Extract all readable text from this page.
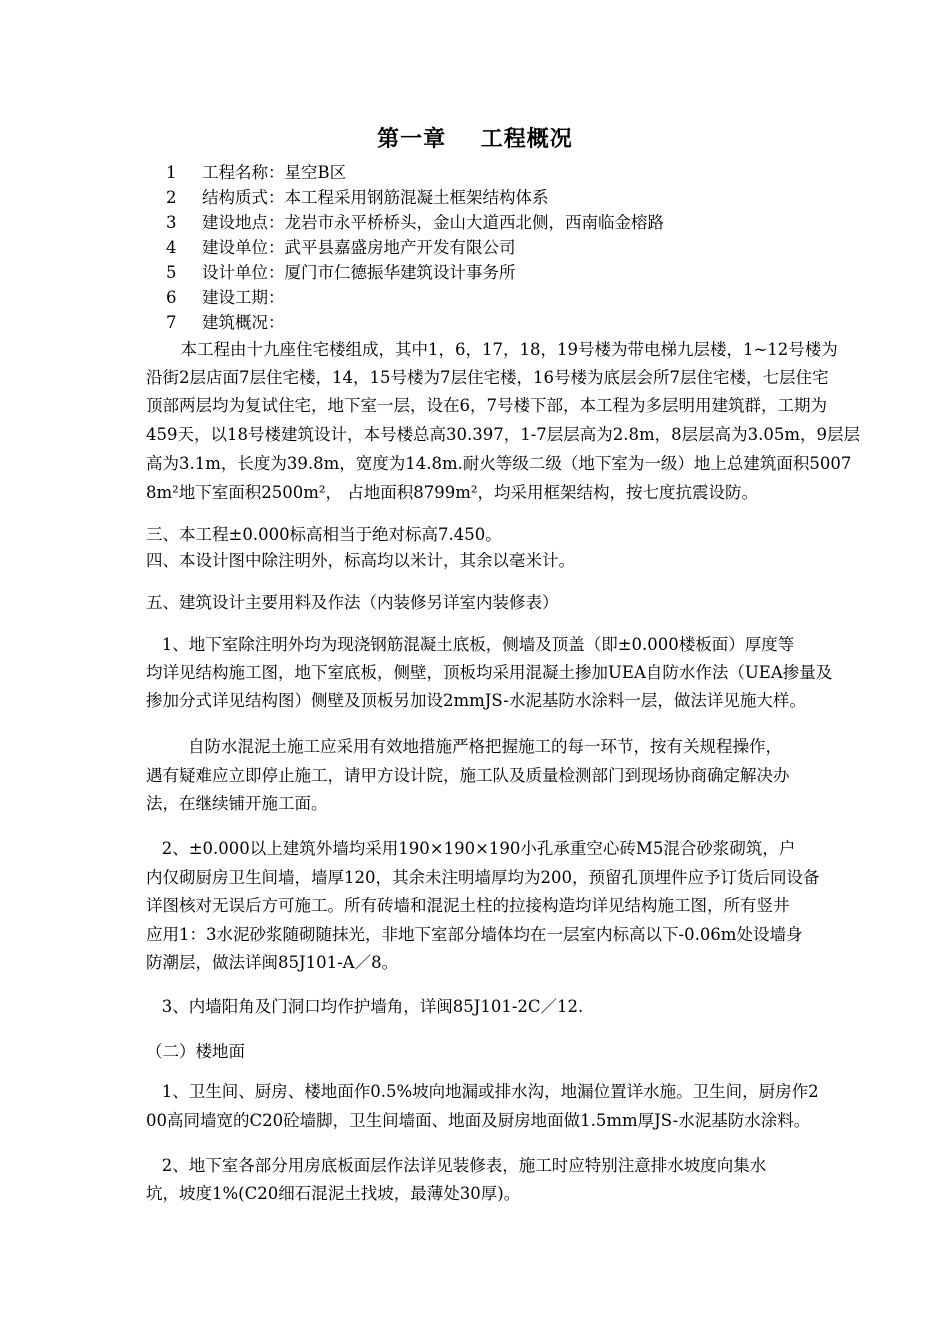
第一章    工程概况
1 工程名称：星空B区
2 结构质式：本工程采用钢筋混凝土框架结构体系
3 建设地点：龙岩市永平桥桥头，金山大道西北侧，西南临金榕路
4 建设单位：武平县嘉盛房地产开发有限公司
5 设计单位：厦门市仁德振华建筑设计事务所
6 建设工期：
7 建筑概况：
本工程由十九座住宅楼组成，其中1，6，17，18，19号楼为带电梯九层楼，1~12号楼为
沿街2层店面7层住宅楼，14，15号楼为7层住宅楼，16号楼为底层会所7层住宅楼，七层住宅
顶部两层均为复试住宅，地下室一层，设在6，7号楼下部，本工程为多层明用建筑群，工期为
459天，以18号楼建筑设计，本号楼总高30.397，1-7层层高为2.8m，8层层高为3.05m，9层层
高为3.1m，长度为39.8m，宽度为14.8m.耐火等级二级（地下室为一级）地上总建筑面积5007
8m²地下室面积2500m²， 占地面积8799m²，均采用框架结构，按七度抗震设防。
三、本工程±0.000标高相当于绝对标高7.450。
四、本设计图中除注明外，标高均以米计，其余以毫米计。
五、建筑设计主要用料及作法（内装修另详室内装修表）
1、地下室除注明外均为现浇钢筋混凝土底板，侧墙及顶盖（即±0.000楼板面）厚度等
均详见结构施工图，地下室底板，侧壁，顶板均采用混凝土掺加UEA自防水作法（UEA掺量及
掺加分式详见结构图）侧壁及顶板另加设2mmJS-水泥基防水涂料一层，做法详见施大样。
自防水混泥土施工应采用有效地措施严格把握施工的每一环节，按有关规程操作，
遇有疑难应立即停止施工，请甲方设计院，施工队及质量检测部门到现场协商确定解决办
法，在继续铺开施工面。
2、±0.000以上建筑外墙均采用190×190×190小孔承重空心砖M5混合砂浆砌筑，户
内仅砌厨房卫生间墙，墙厚120，其余未注明墙厚均为200，预留孔顶埋件应予订货后同设备
详图核对无误后方可施工。所有砖墙和混泥土柱的拉接构造均详见结构施工图，所有竖井
应用1：3水泥砂浆随砌随抹光，非地下室部分墙体均在一层室内标高以下-0.06m处设墙身
防潮层，做法详闽85J101-A／8。
3、内墙阳角及门洞口均作护墙角，详闽85J101-2C／12.
（二）楼地面
1、卫生间、厨房、楼地面作0.5%坡向地漏或排水沟，地漏位置详水施。卫生间，厨房作2
00高同墙宽的C20砼墙脚，卫生间墙面、地面及厨房地面做1.5mm厚JS-水泥基防水涂料。
2、地下室各部分用房底板面层作法详见装修表，施工时应特别注意排水坡度向集水
坑，坡度1%(C20细石混泥土找坡，最薄处30厚)。
